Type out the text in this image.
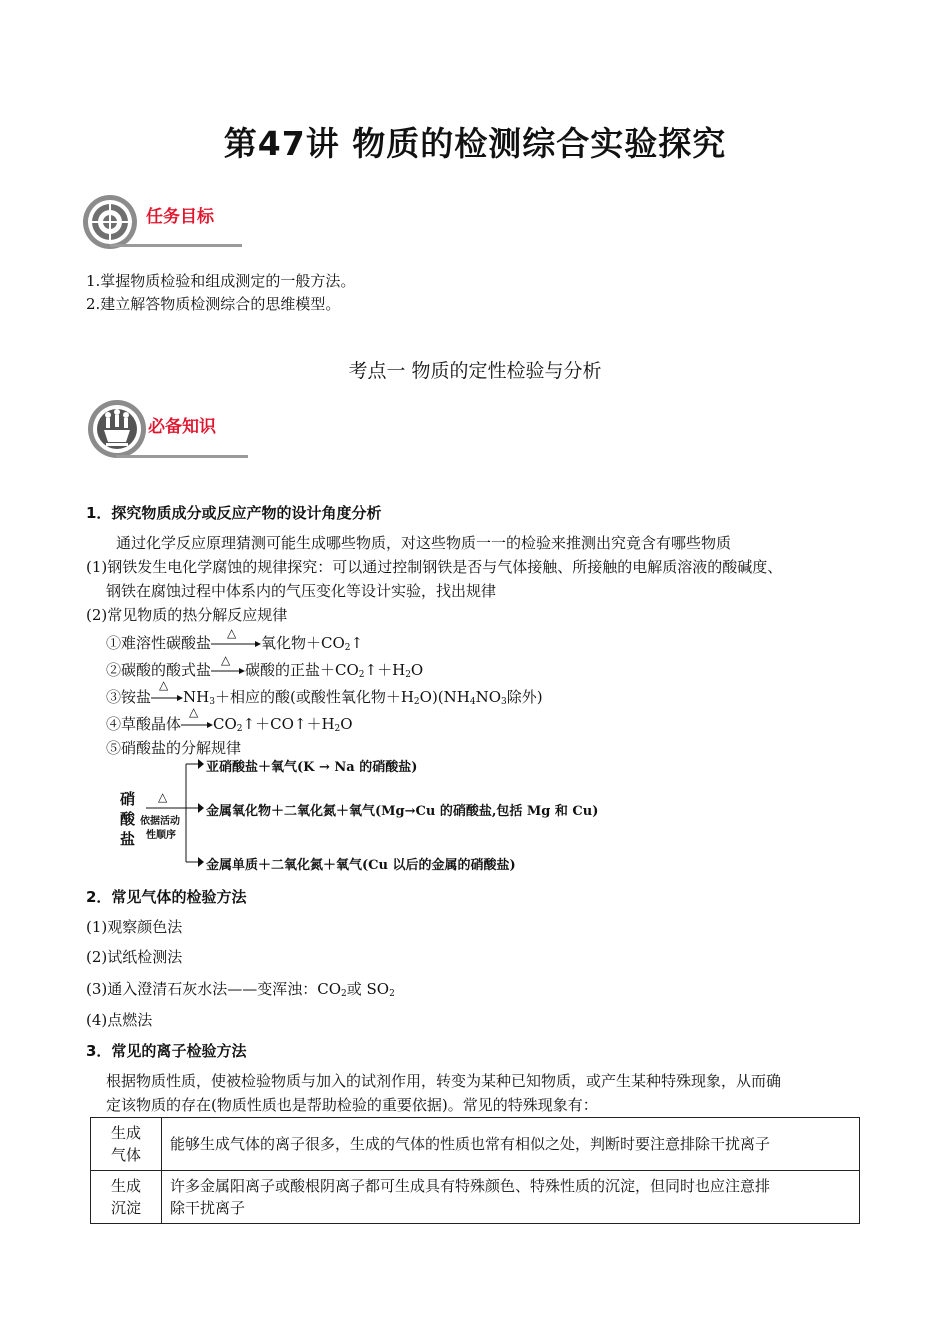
第47讲 物质的检测综合实验探究
任务目标
1.掌握物质检验和组成测定的一般方法。
2.建立解答物质检测综合的思维模型。
考点一 物质的定性检验与分析
必备知识
1．探究物质成分或反应产物的设计角度分析
通过化学反应原理猜测可能生成哪些物质，对这些物质一一的检验来推测出究竟含有哪些物质
(1)钢铁发生电化学腐蚀的规律探究：可以通过控制钢铁是否与气体接触、所接触的电解质溶液的酸碱度、
钢铁在腐蚀过程中体系内的气压变化等设计实验，找出规律
(2)常见物质的热分解反应规律
①难溶性碳酸盐
△
氧化物$+CO_2↑$
②碳酸的酸式盐
△
碳酸的正盐$+CO_2↑+H_2O$
③铵盐
△
$NH_3+$相应的酸(或酸性氧化物$+H_2O)(NH_4NO_3$除外)
④草酸晶体
△
$CO_2↑+CO↑+H_2O$
⑤硝酸盐的分解规律
硝
酸
盐
△
依据活动
性顺序
亚硝酸盐＋氧气(K → Na 的硝酸盐)
金属氧化物＋二氧化氮＋氧气(Mg→Cu 的硝酸盐,包括 Mg 和 Cu)
金属单质＋二氧化氮＋氧气(Cu 以后的金属的硝酸盐)
2．常见气体的检验方法
(1)观察颜色法
(2)试纸检测法
(3)通入澄清石灰水法——变浑浊：$CO_2$或 $SO_2$
(4)点燃法
3．常见的离子检验方法
根据物质性质，使被检验物质与加入的试剂作用，转变为某种已知物质，或产生某种特殊现象，从而确
定该物质的存在(物质性质也是帮助检验的重要依据)。常见的特殊现象有：
生成
气体	能够生成气体的离子很多，生成的气体的性质也常有相似之处，判断时要注意排除干扰离子
生成
沉淀	许多金属阳离子或酸根阴离子都可生成具有特殊颜色、特殊性质的沉淀，但同时也应注意排
除干扰离子
